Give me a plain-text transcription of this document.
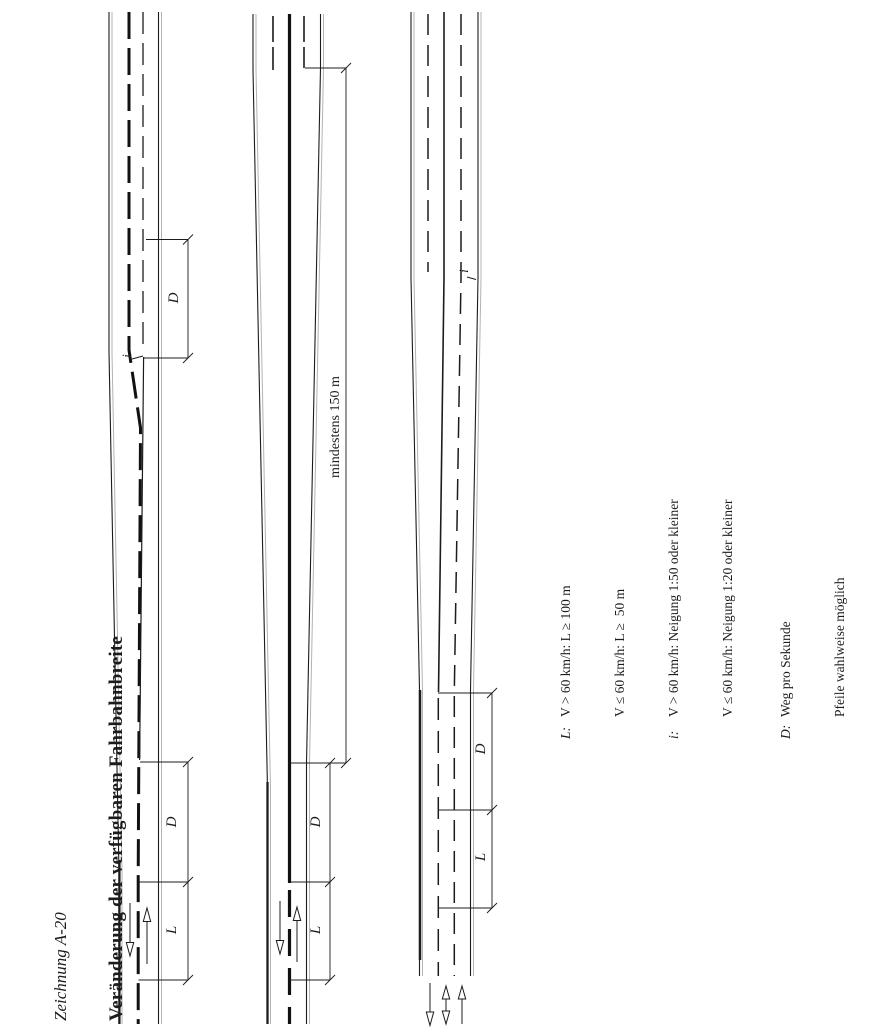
Zeichnung A-20

Veränderung der verfügbaren Fahrbahnbreite

	L:
V > 60 km/h: L ≥ 100 m

	V ≤ 60 km/h: L ≥  50 m

i:
V > 60 km/h: Neigung 1:50 oder kleiner

	V ≤ 60 km/h: Neigung 1:20 oder kleiner

D:
Weg pro Sekunde

	Pfeile wahlweise möglich

mindestens 150 m
D
i
D
L
D
L
i
D
L
